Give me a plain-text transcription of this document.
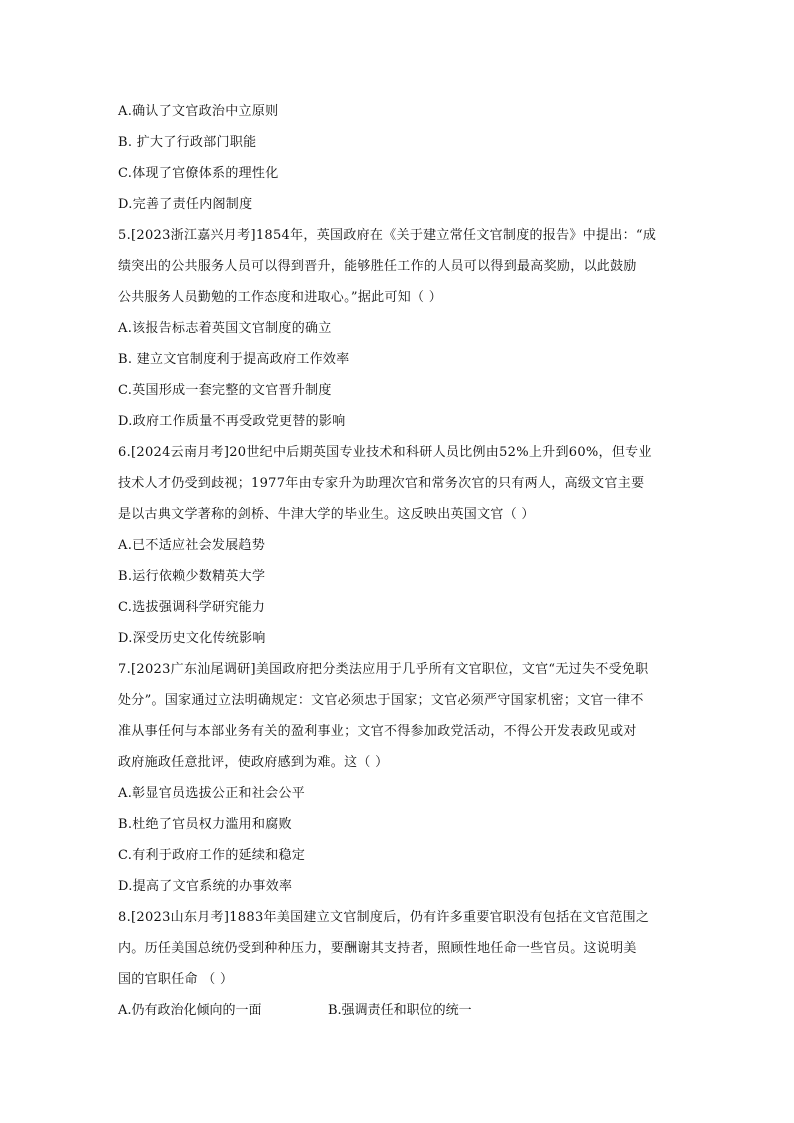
A.确认了文官政治中立原则
B. 扩大了行政部门职能
C.体现了官僚体系的理性化
D.完善了责任内阁制度
5.[2023浙江嘉兴月考]1854年，英国政府在《关于建立常任文官制度的报告》中提出：“成
绩突出的公共服务人员可以得到晋升，能够胜任工作的人员可以得到最高奖励，以此鼓励
公共服务人员勤勉的工作态度和进取心。”据此可知（ ）
A.该报告标志着英国文官制度的确立
B. 建立文官制度利于提高政府工作效率
C.英国形成一套完整的文官晋升制度
D.政府工作质量不再受政党更替的影响
6.[2024云南月考]20世纪中后期英国专业技术和科研人员比例由52%上升到60%，但专业
技术人才仍受到歧视；1977年由专家升为助理次官和常务次官的只有两人，高级文官主要
是以古典文学著称的剑桥、牛津大学的毕业生。这反映出英国文官（ ）
A.已不适应社会发展趋势
B.运行依赖少数精英大学
C.选拔强调科学研究能力
D.深受历史文化传统影响
7.[2023广东汕尾调研]美国政府把分类法应用于几乎所有文官职位，文官“无过失不受免职
处分”。国家通过立法明确规定：文官必须忠于国家；文官必须严守国家机密；文官一律不
准从事任何与本部业务有关的盈利事业；文官不得参加政党活动，不得公开发表政见或对
政府施政任意批评，使政府感到为难。这（ ）
A.彰显官员选拔公正和社会公平
B.杜绝了官员权力滥用和腐败
C.有利于政府工作的延续和稳定
D.提高了文官系统的办事效率
8.[2023山东月考]1883年美国建立文官制度后，仍有许多重要官职没有包括在文官范围之
内。历任美国总统仍受到种种压力，要酬谢其支持者，照顾性地任命一些官员。这说明美
国的官职任命 （ ）
A.仍有政治化倾向的一面	B.强调责任和职位的统一
